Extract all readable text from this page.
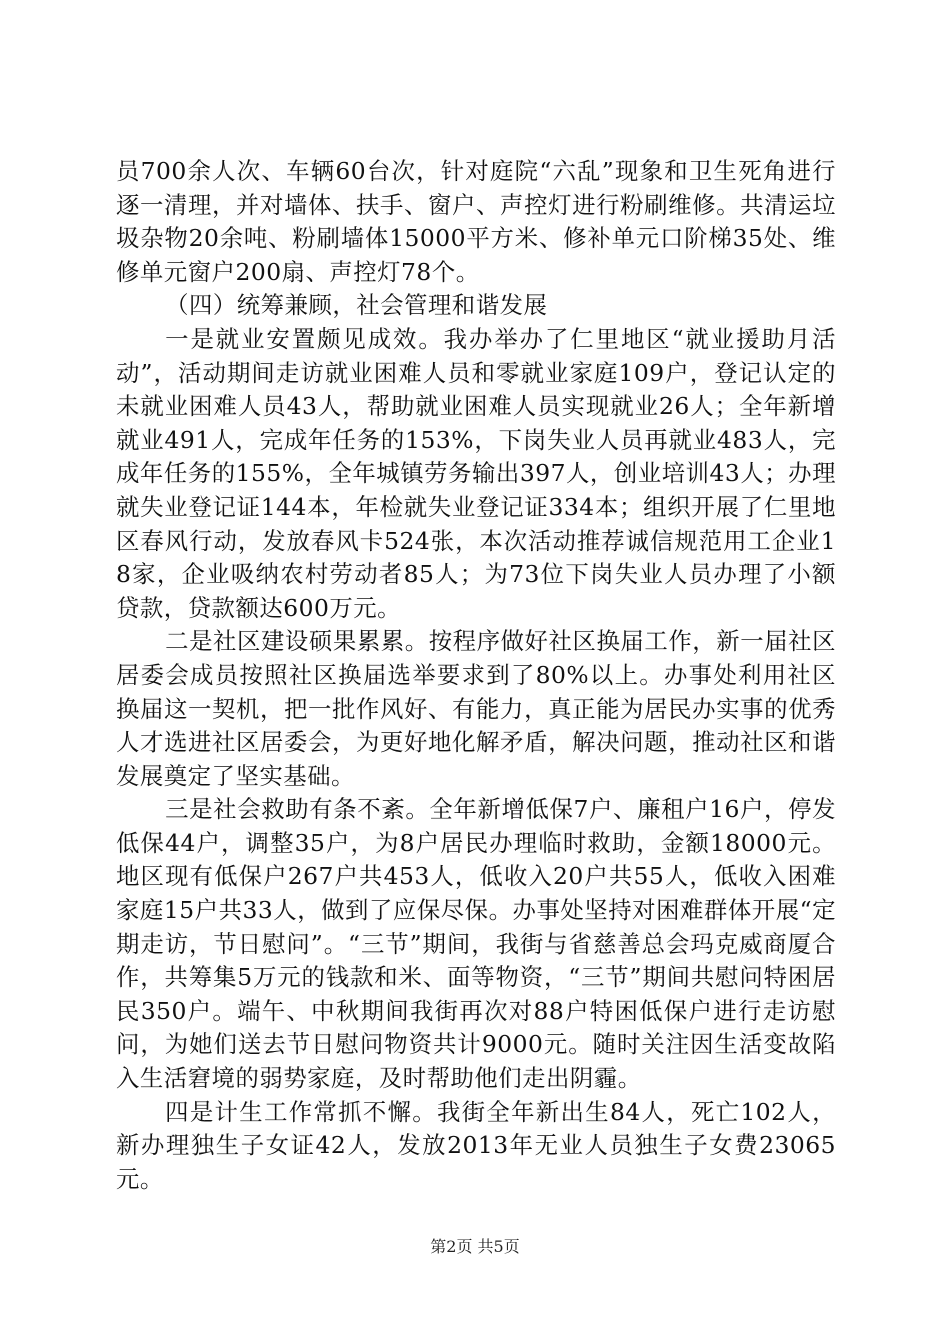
员700余人次、车辆60台次，针对庭院“六乱”现象和卫生死角进行逐一清理，并对墙体、扶手、窗户、声控灯进行粉刷维修。共清运垃圾杂物20余吨、粉刷墙体15000平方米、修补单元口阶梯35处、维修单元窗户200扇、声控灯78个。

（四）统筹兼顾，社会管理和谐发展

一是就业安置颇见成效。我办举办了仁里地区“就业援助月活动”，活动期间走访就业困难人员和零就业家庭109户，登记认定的未就业困难人员43人，帮助就业困难人员实现就业26人；全年新增就业491人，完成年任务的153%，下岗失业人员再就业483人，完成年任务的155%，全年城镇劳务输出397人，创业培训43人；办理就失业登记证144本，年检就失业登记证334本；组织开展了仁里地区春风行动，发放春风卡524张，本次活动推荐诚信规范用工企业18家，企业吸纳农村劳动者85人；为73位下岗失业人员办理了小额贷款，贷款额达600万元。

二是社区建设硕果累累。按程序做好社区换届工作，新一届社区居委会成员按照社区换届选举要求到了80%以上。办事处利用社区换届这一契机，把一批作风好、有能力，真正能为居民办实事的优秀人才选进社区居委会，为更好地化解矛盾，解决问题，推动社区和谐发展奠定了坚实基础。

三是社会救助有条不紊。全年新增低保7户、廉租户16户，停发低保44户，调整35户，为8户居民办理临时救助，金额18000元。地区现有低保户267户共453人，低收入20户共55人，低收入困难家庭15户共33人，做到了应保尽保。办事处坚持对困难群体开展“定期走访，节日慰问”。“三节”期间，我街与省慈善总会玛克威商厦合作，共筹集5万元的钱款和米、面等物资，“三节”期间共慰问特困居民350户。端午、中秋期间我街再次对88户特困低保户进行走访慰问，为她们送去节日慰问物资共计9000元。随时关注因生活变故陷入生活窘境的弱势家庭，及时帮助他们走出阴霾。

四是计生工作常抓不懈。我街全年新出生84人，死亡102人，新办理独生子女证42人，发放2013年无业人员独生子女费23065元。

第2页 共5页
